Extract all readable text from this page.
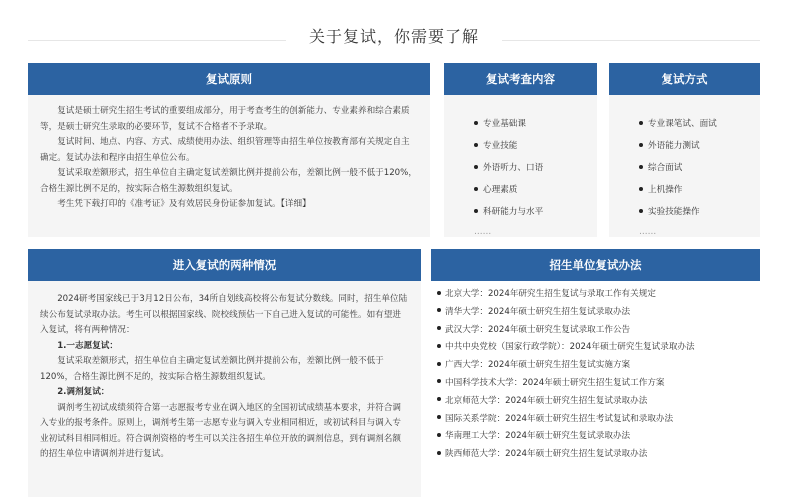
关于复试，你需要了解
复试原则

复试是硕士研究生招生考试的重要组成部分，用于考查考生的创新能力、专业素养和综合素质等，是硕士研究生录取的必要环节，复试不合格者不予录取。

复试时间、地点、内容、方式、成绩使用办法、组织管理等由招生单位按教育部有关规定自主确定。复试办法和程序由招生单位公布。

复试采取差额形式，招生单位自主确定复试差额比例并提前公布，差额比例一般不低于120%，合格生源比例不足的，按实际合格生源数组织复试。

考生凭下载打印的《准考证》及有效居民身份证参加复试。【详细】

复试考查内容
专业基础课
专业技能
外语听力、口语
心理素质
科研能力与水平
……
复试方式
专业课笔试、面试
外语能力测试
综合面试
上机操作
实验技能操作
……
进入复试的两种情况

2024研考国家线已于3月12日公布，34所自划线高校将公布复试分数线。同时，招生单位陆续公布复试录取办法。考生可以根据国家线、院校线预估一下自己进入复试的可能性。如有望进入复试，将有两种情况：

1.一志愿复试：

复试采取差额形式，招生单位自主确定复试差额比例并提前公布，差额比例一般不低于120%，合格生源比例不足的，按实际合格生源数组织复试。

2.调剂复试：

调剂考生初试成绩须符合第一志愿报考专业在调入地区的全国初试成绩基本要求，并符合调入专业的报考条件。原则上，调剂考生第一志愿专业与调入专业相同相近，或初试科目与调入专业初试科目相同相近。符合调剂资格的考生可以关注各招生单位开放的调剂信息，到有调剂名额的招生单位申请调剂并进行复试。

招生单位复试办法
北京大学：2024年研究生招生复试与录取工作有关规定
清华大学：2024年硕士研究生招生复试录取办法
武汉大学：2024年硕士研究生复试录取工作公告
中共中央党校（国家行政学院）：2024年硕士研究生复试录取办法
广西大学：2024年硕士研究生招生复试实施方案
中国科学技术大学：2024年硕士研究生招生复试工作方案
北京师范大学：2024年硕士研究生招生复试录取办法
国际关系学院：2024年硕士研究生招生考试复试和录取办法
华南理工大学：2024年硕士研究生复试录取办法
陕西师范大学：2024年硕士研究生招生复试录取办法
